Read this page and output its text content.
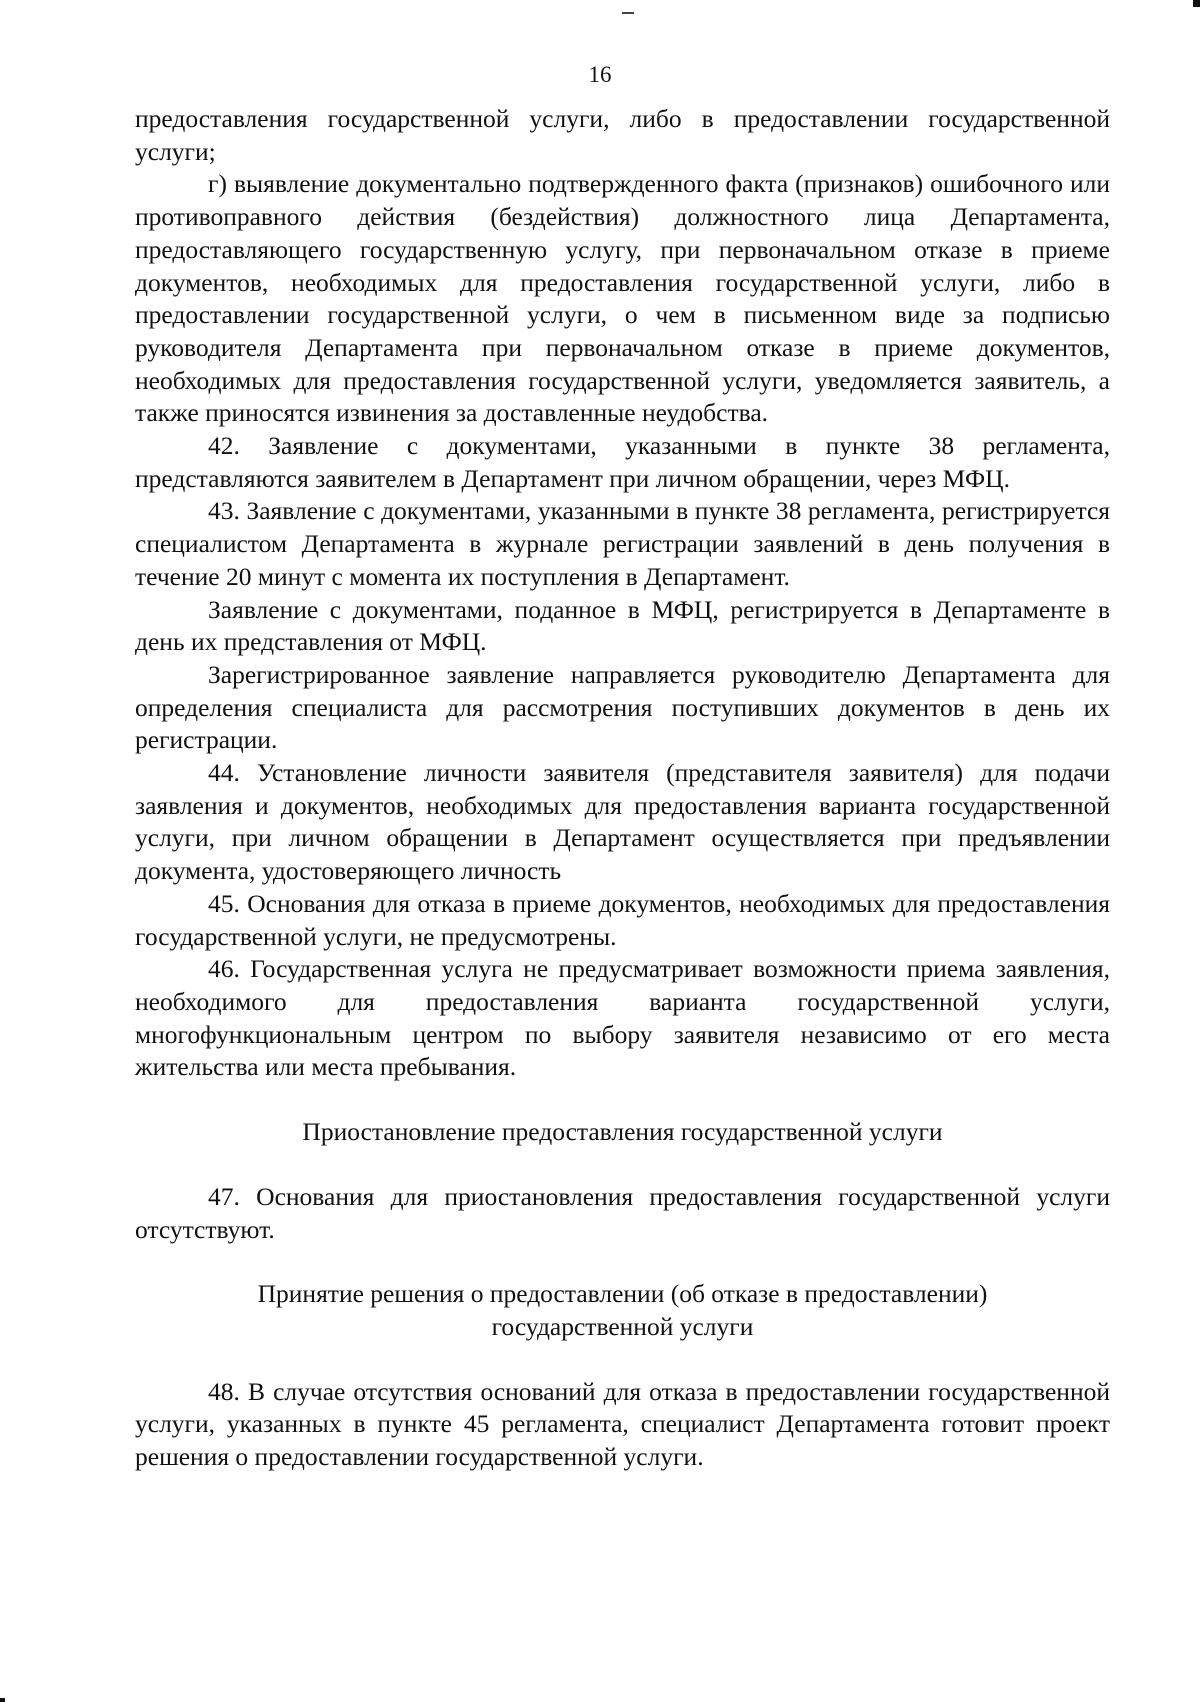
16

предоставления государственной услуги, либо в предоставлении государственной услуги;

г) выявление документально подтвержденного факта (признаков) ошибочного или противоправного действия (бездействия) должностного лица Департамента, предоставляющего государственную услугу, при первоначальном отказе в приеме документов, необходимых для предоставления государственной услуги, либо в предоставлении государственной услуги, о чем в письменном виде за подписью руководителя Департамента при первоначальном отказе в приеме документов, необходимых для предоставления государственной услуги, уведомляется заявитель, а также приносятся извинения за доставленные неудобства.

42. Заявление с документами, указанными в пункте 38 регламента, представляются заявителем в Департамент при личном обращении, через МФЦ.

43. Заявление с документами, указанными в пункте 38 регламента, регистрируется специалистом Департамента в журнале регистрации заявлений в день получения в течение 20 минут с момента их поступления в Департамент.

Заявление с документами, поданное в МФЦ, регистрируется в Департаменте в день их представления от МФЦ.

Зарегистрированное заявление направляется руководителю Департамента для определения специалиста для рассмотрения поступивших документов в день их регистрации.

44. Установление личности заявителя (представителя заявителя) для подачи заявления и документов, необходимых для предоставления варианта государственной услуги, при личном обращении в Департамент осуществляется при предъявлении документа, удостоверяющего личность

45. Основания для отказа в приеме документов, необходимых для предоставления государственной услуги, не предусмотрены.

46. Государственная услуга не предусматривает возможности приема заявления, необходимого для предоставления варианта государственной услуги, многофункциональным центром по выбору заявителя независимо от его места жительства или места пребывания.

Приостановление предоставления государственной услуги

47. Основания для приостановления предоставления государственной услуги отсутствуют.

Принятие решения о предоставлении (об отказе в предоставлении)

государственной услуги

48. В случае отсутствия оснований для отказа в предоставлении государственной услуги, указанных в пункте 45 регламента, специалист Департамента готовит проект решения о предоставлении государственной услуги.
